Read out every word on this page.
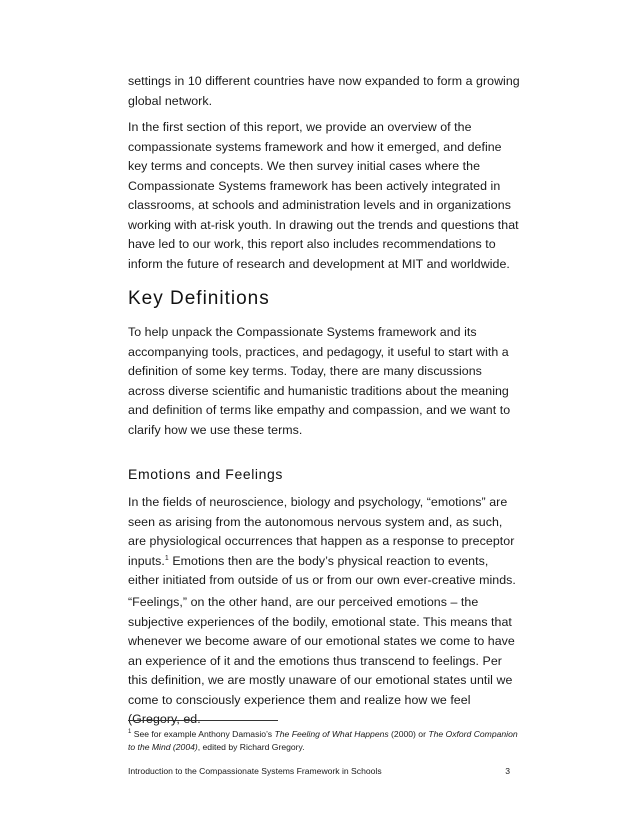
settings in 10 different countries have now expanded to form a growing global network.

In the first section of this report, we provide an overview of the compassionate systems framework and how it emerged, and define key terms and concepts. We then survey initial cases where the Compassionate Systems framework has been actively integrated in classrooms, at schools and administration levels and in organizations working with at-risk youth. In drawing out the trends and questions that have led to our work, this report also includes recommendations to inform the future of research and development at MIT and worldwide.

Key Definitions

To help unpack the Compassionate Systems framework and its accompanying tools, practices, and pedagogy, it useful to start with a definition of some key terms. Today, there are many discussions across diverse scientific and humanistic traditions about the meaning and definition of terms like empathy and compassion, and we want to clarify how we use these terms.

Emotions and Feelings

In the fields of neuroscience, biology and psychology, “emotions” are seen as arising from the autonomous nervous system and, as such, are physiological occurrences that happen as a response to preceptor inputs.$^1$ Emotions then are the body’s physical reaction to events, either initiated from outside of us or from our own ever-creative minds.

“Feelings,” on the other hand, are our perceived emotions – the subjective experiences of the bodily, emotional state. This means that whenever we become aware of our emotional states we come to have an experience of it and the emotions thus transcend to feelings. Per this definition, we are mostly unaware of our emotional states until we come to consciously experience them and realize how we feel (Gregory, ed.

$^1$ See for example Anthony Damasio’s The Feeling of What Happens (2000) or The Oxford Companion to the Mind (2004), edited by Richard Gregory.

Introduction to the Compassionate Systems Framework in Schools	3
